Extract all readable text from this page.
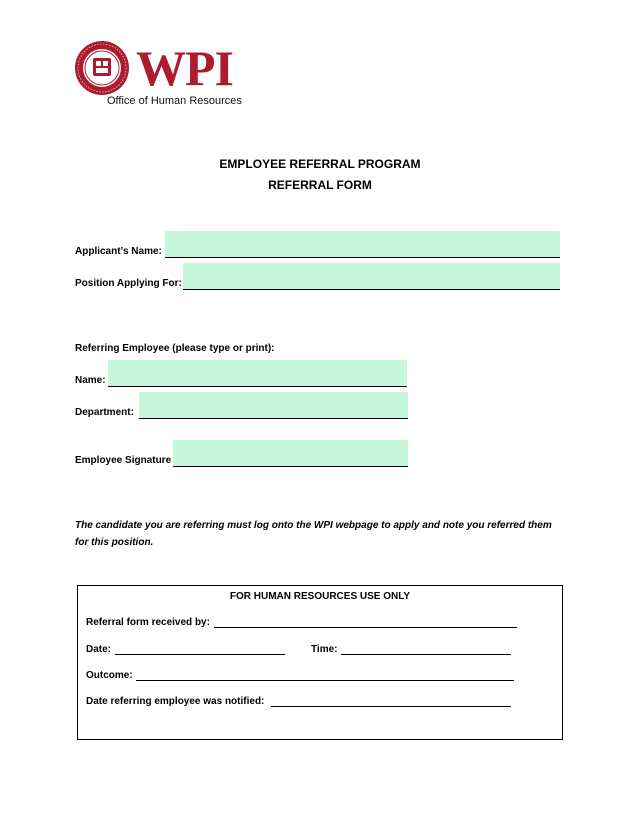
WPI
Office of Human Resources
EMPLOYEE REFERRAL PROGRAM
REFERRAL FORM
Applicant’s Name:
Position Applying For:
Referring Employee (please type or print):
Name:
Department:
Employee Signature
The candidate you are referring must log onto the WPI webpage to apply and note you referred them for this position.
FOR HUMAN RESOURCES USE ONLY
Referral form received by:
Date:	Time:
Outcome:
Date referring employee was notified:
